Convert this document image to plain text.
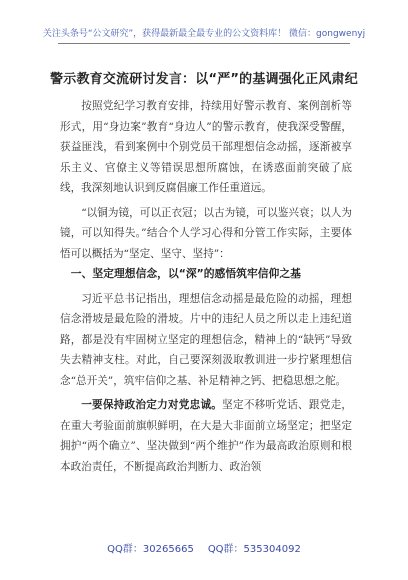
关注头条号“公文研究”，获得最新最全最专业的公文资料库！ 微信：gongwenyj
警示教育交流研讨发言：以“严”的基调强化正风肃纪

按照党纪学习教育安排，持续用好警示教育、案例剖析等形式，用“身边案”教育“身边人”的警示教育，使我深受警醒，获益匪浅，看到案例中个别党员干部理想信念动摇，逐渐被享乐主义、官僚主义等错误思想所腐蚀，在诱惑面前突破了底线，我深刻地认识到反腐倡廉工作任重道远。

“以铜为镜，可以正衣冠；以古为镜，可以鉴兴衰；以人为镜，可以知得失。”结合个人学习心得和分管工作实际，主要体悟可以概括为“坚定、坚守、坚持”：

一、坚定理想信念，以“深”的感悟筑牢信仰之基

习近平总书记指出，理想信念动摇是最危险的动摇，理想信念滑坡是最危险的滑坡。片中的违纪人员之所以走上违纪道路，都是没有牢固树立坚定的理想信念，精神上的“缺钙”导致失去精神支柱。对此，自己要深刻汲取教训进一步拧紧理想信念“总开关”，筑牢信仰之基、补足精神之钙、把稳思想之舵。

一要保持政治定力对党忠诚。坚定不移听党话、跟党走，在重大考验面前旗帜鲜明，在大是大非面前立场坚定；把坚定拥护“两个确立”、坚决做到“两个维护”作为最高政治原则和根本政治责任，不断提高政治判断力、政治领

QQ群：30265665 QQ群：535304092
